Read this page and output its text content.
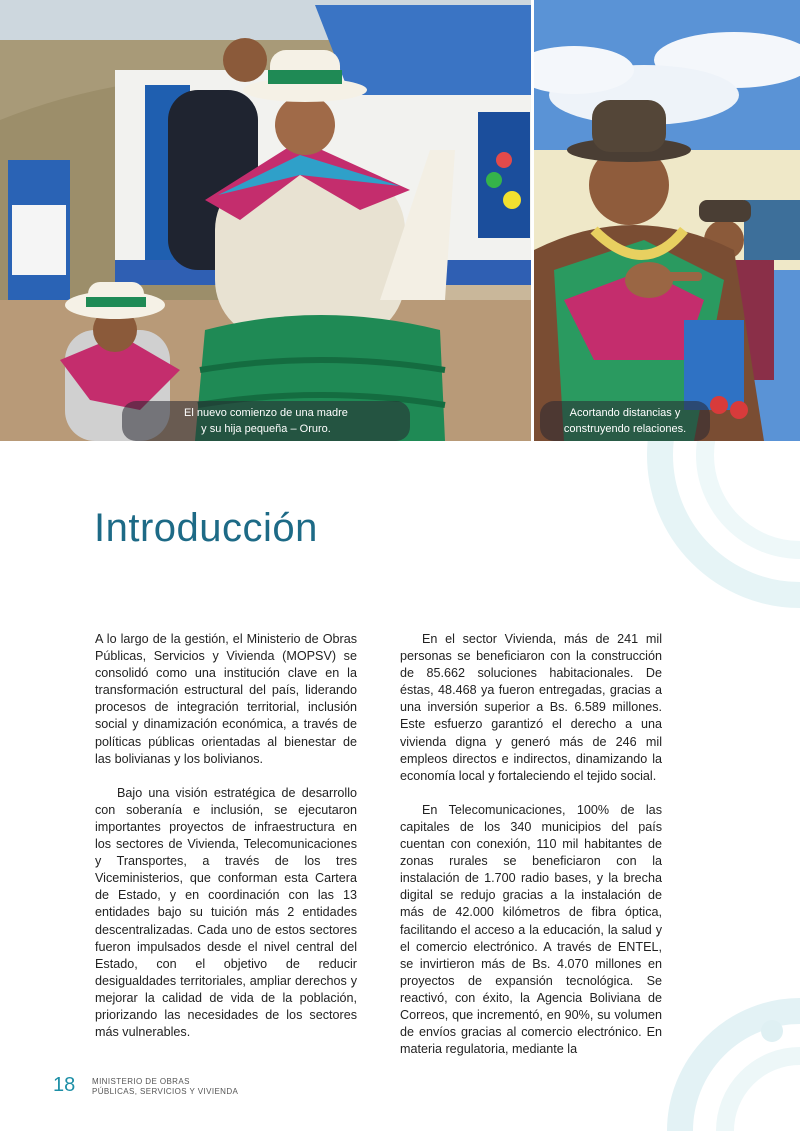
El nuevo comienzo de una madre
y su hija pequeña – Oruro.
Acortando distancias y
construyendo relaciones.
Introducción

A lo largo de la gestión, el Ministerio de Obras Públicas, Servicios y Vivienda (MOPSV) se consolidó como una institución clave en la transformación estructural del país, liderando procesos de integración territorial, inclusión social y dinamización económica, a través de políticas públicas orientadas al bienestar de las bolivianas y los bolivianos.

Bajo una visión estratégica de desarrollo con soberanía e inclusión, se ejecutaron importantes proyectos de infraestructura en los sectores de Vivienda, Telecomunicaciones y Transportes, a través de los tres Viceministerios, que conforman esta Cartera de Estado, y en coordinación con las 13 entidades bajo su tuición más 2 entidades descentralizadas. Cada uno de estos sectores fueron impulsados desde el nivel central del Estado, con el objetivo de reducir desigualdades territoriales, ampliar derechos y mejorar la calidad de vida de la población, priorizando las necesidades de los sectores más vulnerables.

En el sector Vivienda, más de 241 mil personas se beneficiaron con la construcción de 85.662 soluciones habitacionales. De éstas, 48.468 ya fueron entregadas, gracias a una inversión superior a Bs. 6.589 millones. Este esfuerzo garantizó el derecho a una vivienda digna y generó más de 246 mil empleos directos e indirectos, dinamizando la economía local y fortaleciendo el tejido social.

En Telecomunicaciones, 100% de las capitales de los 340 municipios del país cuentan con conexión, 110 mil habitantes de zonas rurales se beneficiaron con la instalación de 1.700 radio bases, y la brecha digital se redujo gracias a la instalación de más de 42.000 kilómetros de fibra óptica, facilitando el acceso a la educación, la salud y el comercio electrónico. A través de ENTEL, se invirtieron más de Bs. 4.070 millones en proyectos de expansión tecnológica. Se reactivó, con éxito, la Agencia Boliviana de Correos, que incrementó, en 90%, su volumen de envíos gracias al comercio electrónico. En materia regulatoria, mediante la

18 MINISTERIO DE OBRAS
PÚBLICAS, SERVICIOS Y VIVIENDA
